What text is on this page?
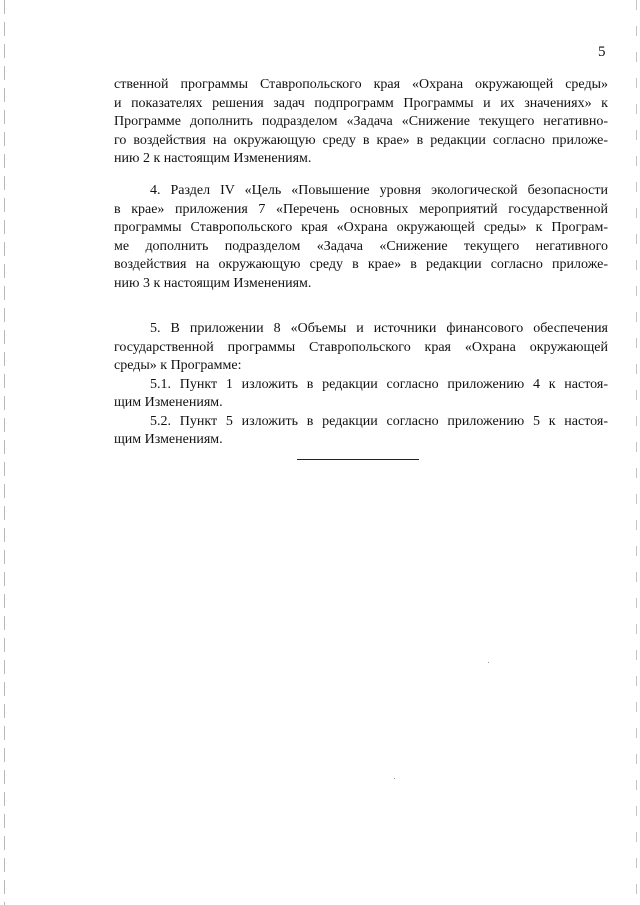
5
ственной программы Ставропольского края «Охрана окружающей среды»
и показателях решения задач подпрограмм Программы и их значениях» к
Программе дополнить подразделом «Задача «Снижение текущего негативно-
го воздействия на окружающую среду в крае» в редакции согласно приложе-
нию 2 к настоящим Изменениям.
4. Раздел IV «Цель «Повышение уровня экологической безопасности
в крае» приложения 7 «Перечень основных мероприятий государственной
программы Ставропольского края «Охрана окружающей среды» к Програм-
ме дополнить подразделом «Задача «Снижение текущего негативного
воздействия на окружающую среду в крае» в редакции согласно приложе-
нию 3 к настоящим Изменениям.
5. В приложении 8 «Объемы и источники финансового обеспечения
государственной программы Ставропольского края «Охрана окружающей
среды» к Программе:
5.1. Пункт 1 изложить в редакции согласно приложению 4 к настоя-
щим Изменениям.
5.2. Пункт 5 изложить в редакции согласно приложению 5 к настоя-
щим Изменениям.
